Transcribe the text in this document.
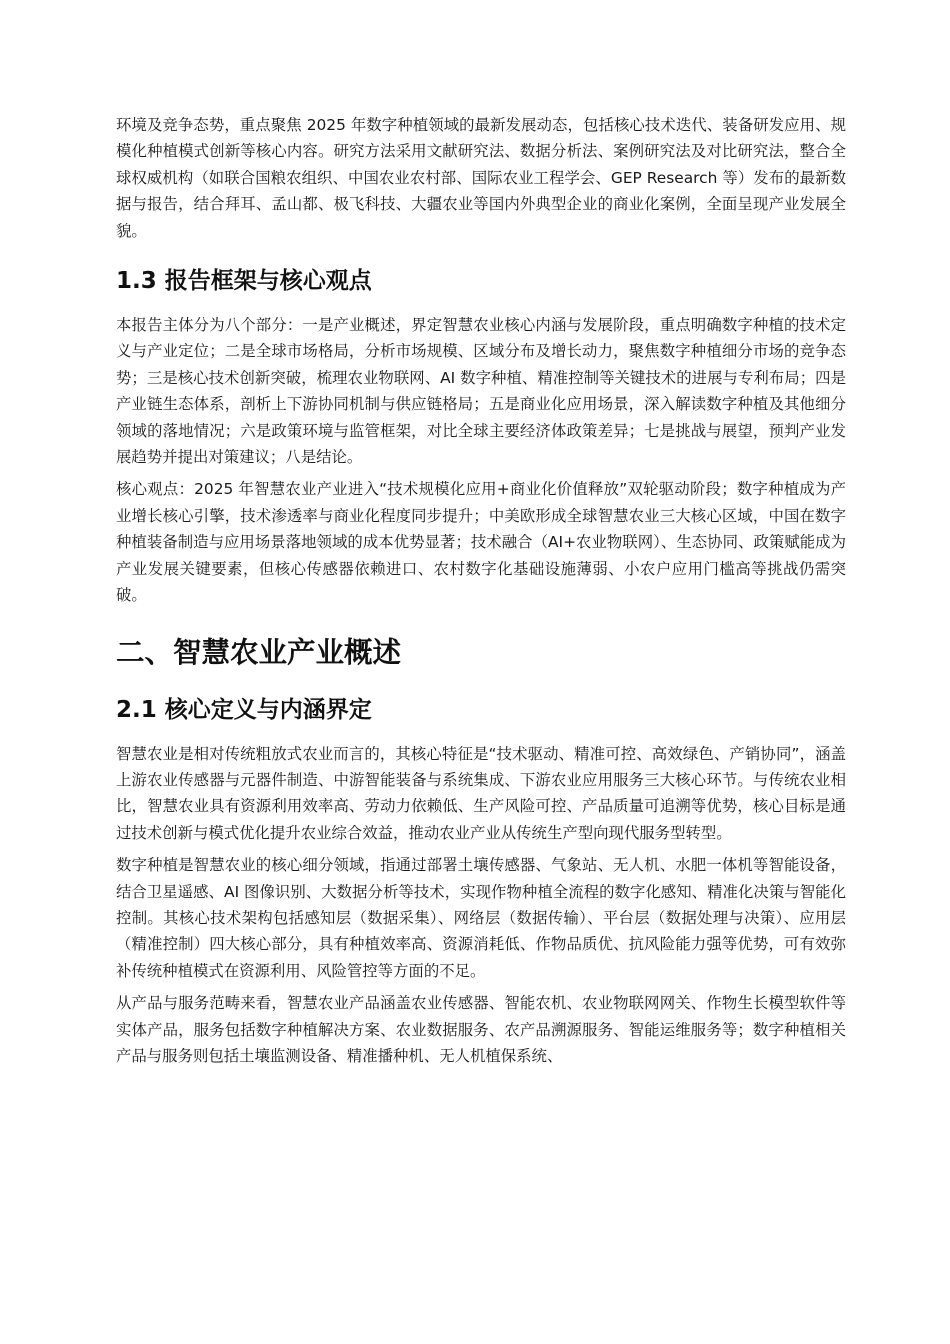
环境及竞争态势，重点聚焦 2025 年数字种植领域的最新发展动态，包括核心技术迭代、装备研发应用、规模化种植模式创新等核心内容。研究方法采用文献研究法、数据分析法、案例研究法及对比研究法，整合全球权威机构（如联合国粮农组织、中国农业农村部、国际农业工程学会、GEP Research 等）发布的最新数据与报告，结合拜耳、孟山都、极飞科技、大疆农业等国内外典型企业的商业化案例，全面呈现产业发展全貌。

1.3 报告框架与核心观点

本报告主体分为八个部分：一是产业概述，界定智慧农业核心内涵与发展阶段，重点明确数字种植的技术定义与产业定位；二是全球市场格局，分析市场规模、区域分布及增长动力，聚焦数字种植细分市场的竞争态势；三是核心技术创新突破，梳理农业物联网、AI 数字种植、精准控制等关键技术的进展与专利布局；四是产业链生态体系，剖析上下游协同机制与供应链格局；五是商业化应用场景，深入解读数字种植及其他细分领域的落地情况；六是政策环境与监管框架，对比全球主要经济体政策差异；七是挑战与展望，预判产业发展趋势并提出对策建议；八是结论。

核心观点：2025 年智慧农业产业进入“技术规模化应用+商业化价值释放”双轮驱动阶段；数字种植成为产业增长核心引擎，技术渗透率与商业化程度同步提升；中美欧形成全球智慧农业三大核心区域，中国在数字种植装备制造与应用场景落地领域的成本优势显著；技术融合（AI+农业物联网）、生态协同、政策赋能成为产业发展关键要素，但核心传感器依赖进口、农村数字化基础设施薄弱、小农户应用门槛高等挑战仍需突破。

二、智慧农业产业概述
2.1 核心定义与内涵界定

智慧农业是相对传统粗放式农业而言的，其核心特征是“技术驱动、精准可控、高效绿色、产销协同”，涵盖上游农业传感器与元器件制造、中游智能装备与系统集成、下游农业应用服务三大核心环节。与传统农业相比，智慧农业具有资源利用效率高、劳动力依赖低、生产风险可控、产品质量可追溯等优势，核心目标是通过技术创新与模式优化提升农业综合效益，推动农业产业从传统生产型向现代服务型转型。

数字种植是智慧农业的核心细分领域，指通过部署土壤传感器、气象站、无人机、水肥一体机等智能设备，结合卫星遥感、AI 图像识别、大数据分析等技术，实现作物种植全流程的数字化感知、精准化决策与智能化控制。其核心技术架构包括感知层（数据采集）、网络层（数据传输）、平台层（数据处理与决策）、应用层（精准控制）四大核心部分，具有种植效率高、资源消耗低、作物品质优、抗风险能力强等优势，可有效弥补传统种植模式在资源利用、风险管控等方面的不足。

从产品与服务范畴来看，智慧农业产品涵盖农业传感器、智能农机、农业物联网网关、作物生长模型软件等实体产品，服务包括数字种植解决方案、农业数据服务、农产品溯源服务、智能运维服务等；数字种植相关产品与服务则包括土壤监测设备、精准播种机、无人机植保系统、
